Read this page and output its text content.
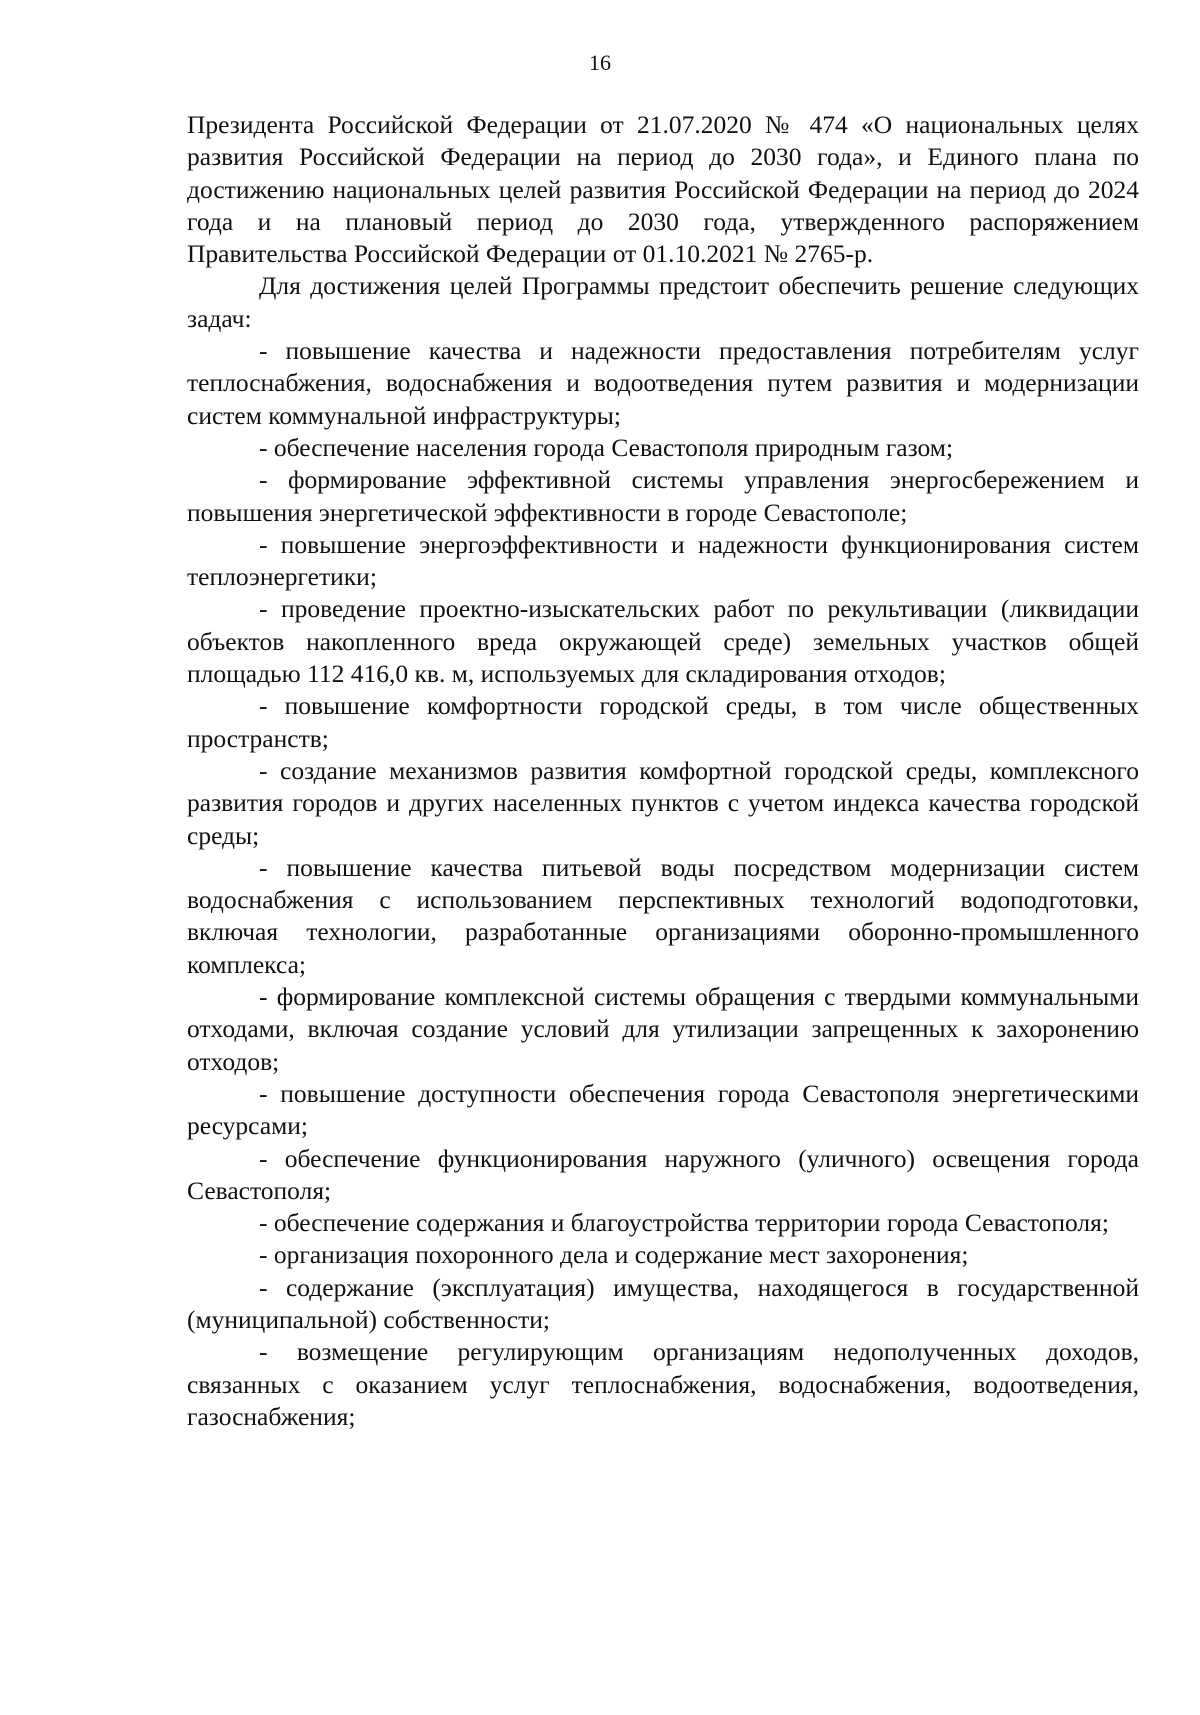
16

Президента Российской Федерации от 21.07.2020 № 474 «О национальных целях развития Российской Федерации на период до 2030 года», и Единого плана по достижению национальных целей развития Российской Федерации на период до 2024 года и на плановый период до 2030 года, утвержденного распоряжением Правительства Российской Федерации от 01.10.2021 № 2765-р.

Для достижения целей Программы предстоит обеспечить решение следующих задач:

- повышение качества и надежности предоставления потребителям услуг теплоснабжения, водоснабжения и водоотведения путем развития и модернизации систем коммунальной инфраструктуры;

- обеспечение населения города Севастополя природным газом;

- формирование эффективной системы управления энергосбережением и повышения энергетической эффективности в городе Севастополе;

- повышение энергоэффективности и надежности функционирования систем теплоэнергетики;

- проведение проектно-изыскательских работ по рекультивации (ликвидации объектов накопленного вреда окружающей среде) земельных участков общей площадью 112 416,0 кв. м, используемых для складирования отходов;

- повышение комфортности городской среды, в том числе общественных пространств;

- создание механизмов развития комфортной городской среды, комплексного развития городов и других населенных пунктов с учетом индекса качества городской среды;

- повышение качества питьевой воды посредством модернизации систем водоснабжения с использованием перспективных технологий водоподготовки, включая технологии, разработанные организациями оборонно-промышленного комплекса;

- формирование комплексной системы обращения с твердыми коммунальными отходами, включая создание условий для утилизации запрещенных к захоронению отходов;

- повышение доступности обеспечения города Севастополя энергетическими ресурсами;

- обеспечение функционирования наружного (уличного) освещения города Севастополя;

- обеспечение содержания и благоустройства территории города Севастополя;

- организация похоронного дела и содержание мест захоронения;

- содержание (эксплуатация) имущества, находящегося в государственной (муниципальной) собственности;

- возмещение регулирующим организациям недополученных доходов, связанных с оказанием услуг теплоснабжения, водоснабжения, водоотведения, газоснабжения;
